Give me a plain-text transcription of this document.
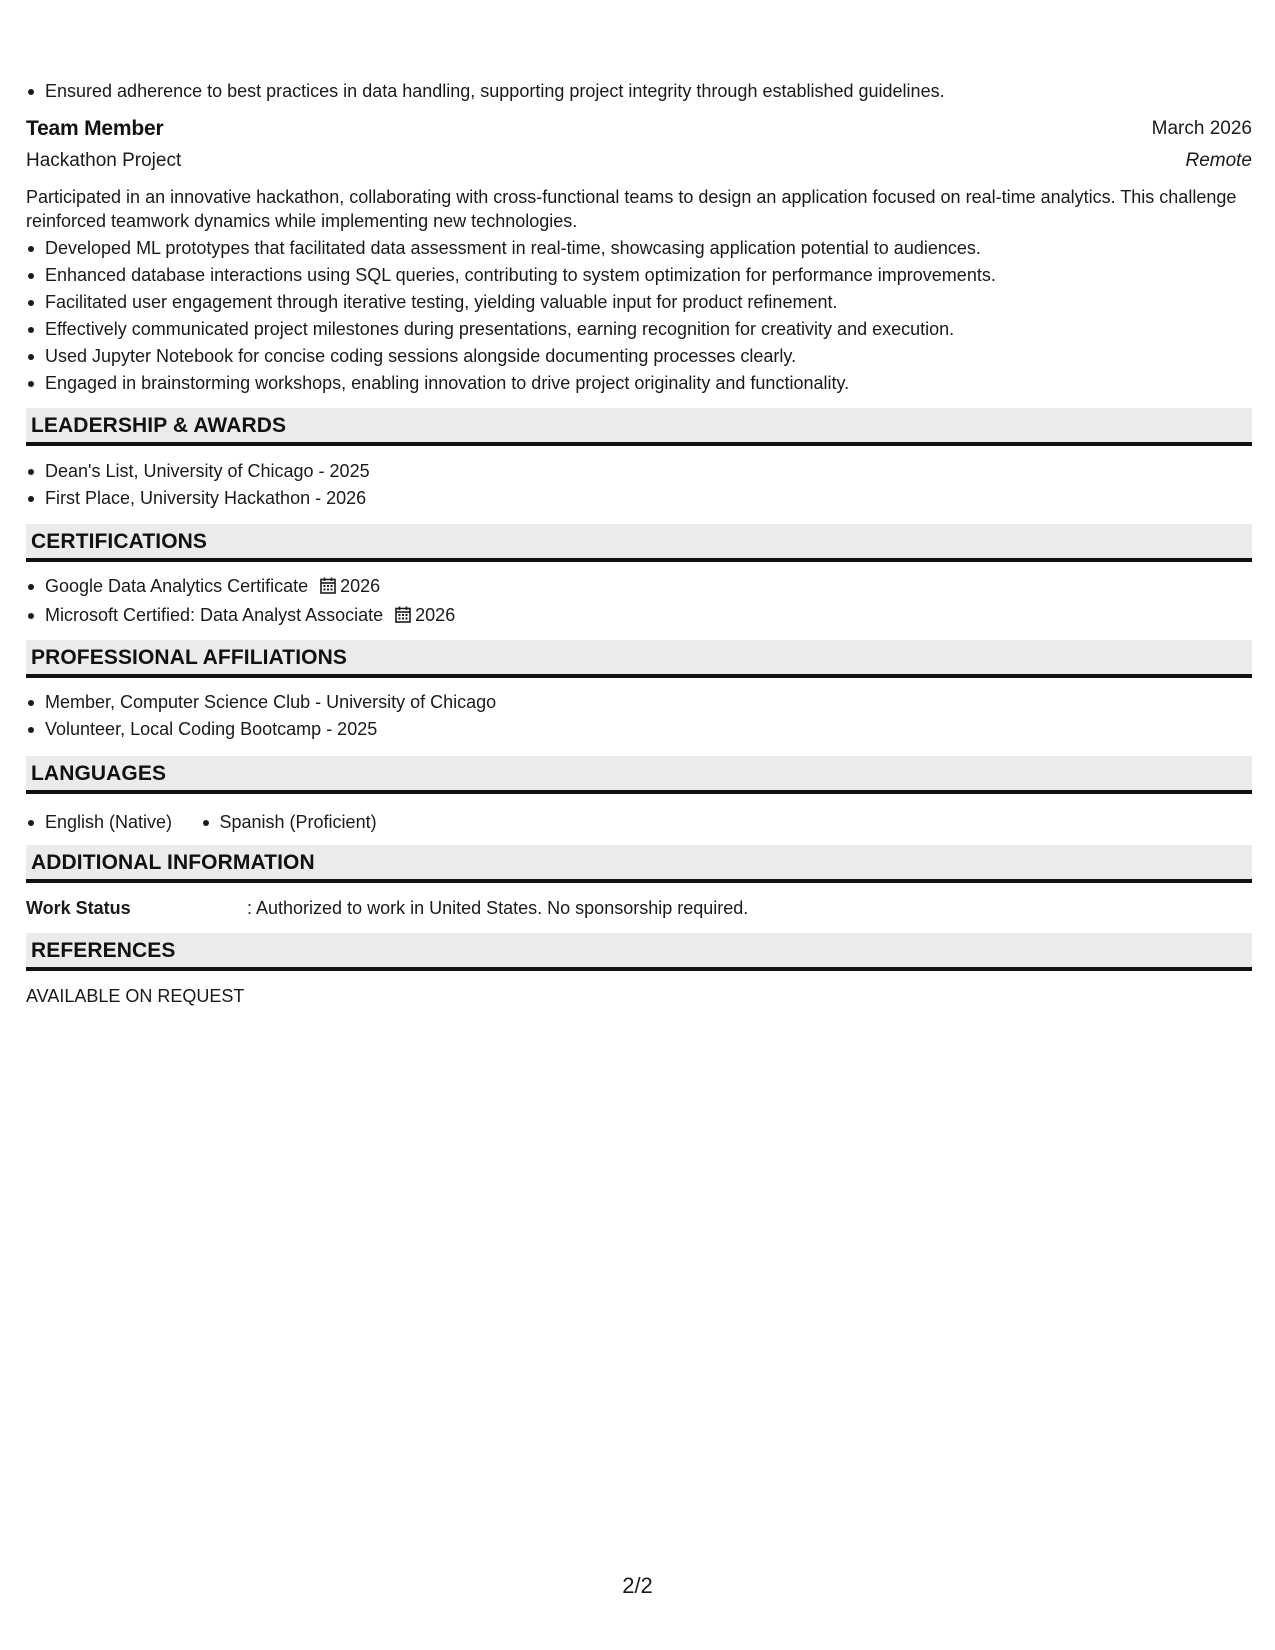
Ensured adherence to best practices in data handling, supporting project integrity through established guidelines.
Team Member	March 2026
Hackathon Project	Remote

Participated in an innovative hackathon, collaborating with cross-functional teams to design an application focused on real-time analytics. This challenge reinforced teamwork dynamics while implementing new technologies.

Developed ML prototypes that facilitated data assessment in real-time, showcasing application potential to audiences.
Enhanced database interactions using SQL queries, contributing to system optimization for performance improvements.
Facilitated user engagement through iterative testing, yielding valuable input for product refinement.
Effectively communicated project milestones during presentations, earning recognition for creativity and execution.
Used Jupyter Notebook for concise coding sessions alongside documenting processes clearly.
Engaged in brainstorming workshops, enabling innovation to drive project originality and functionality.
LEADERSHIP & AWARDS
Dean's List, University of Chicago - 2025
First Place, University Hackathon - 2026
CERTIFICATIONS
Google Data Analytics Certificate 2026
Microsoft Certified: Data Analyst Associate 2026
PROFESSIONAL AFFILIATIONS
Member, Computer Science Club - University of Chicago
Volunteer, Local Coding Bootcamp - 2025
LANGUAGES
English (Native)	Spanish (Proficient)
ADDITIONAL INFORMATION
Work Status	: Authorized to work in United States. No sponsorship required.
REFERENCES
AVAILABLE ON REQUEST
2/2
